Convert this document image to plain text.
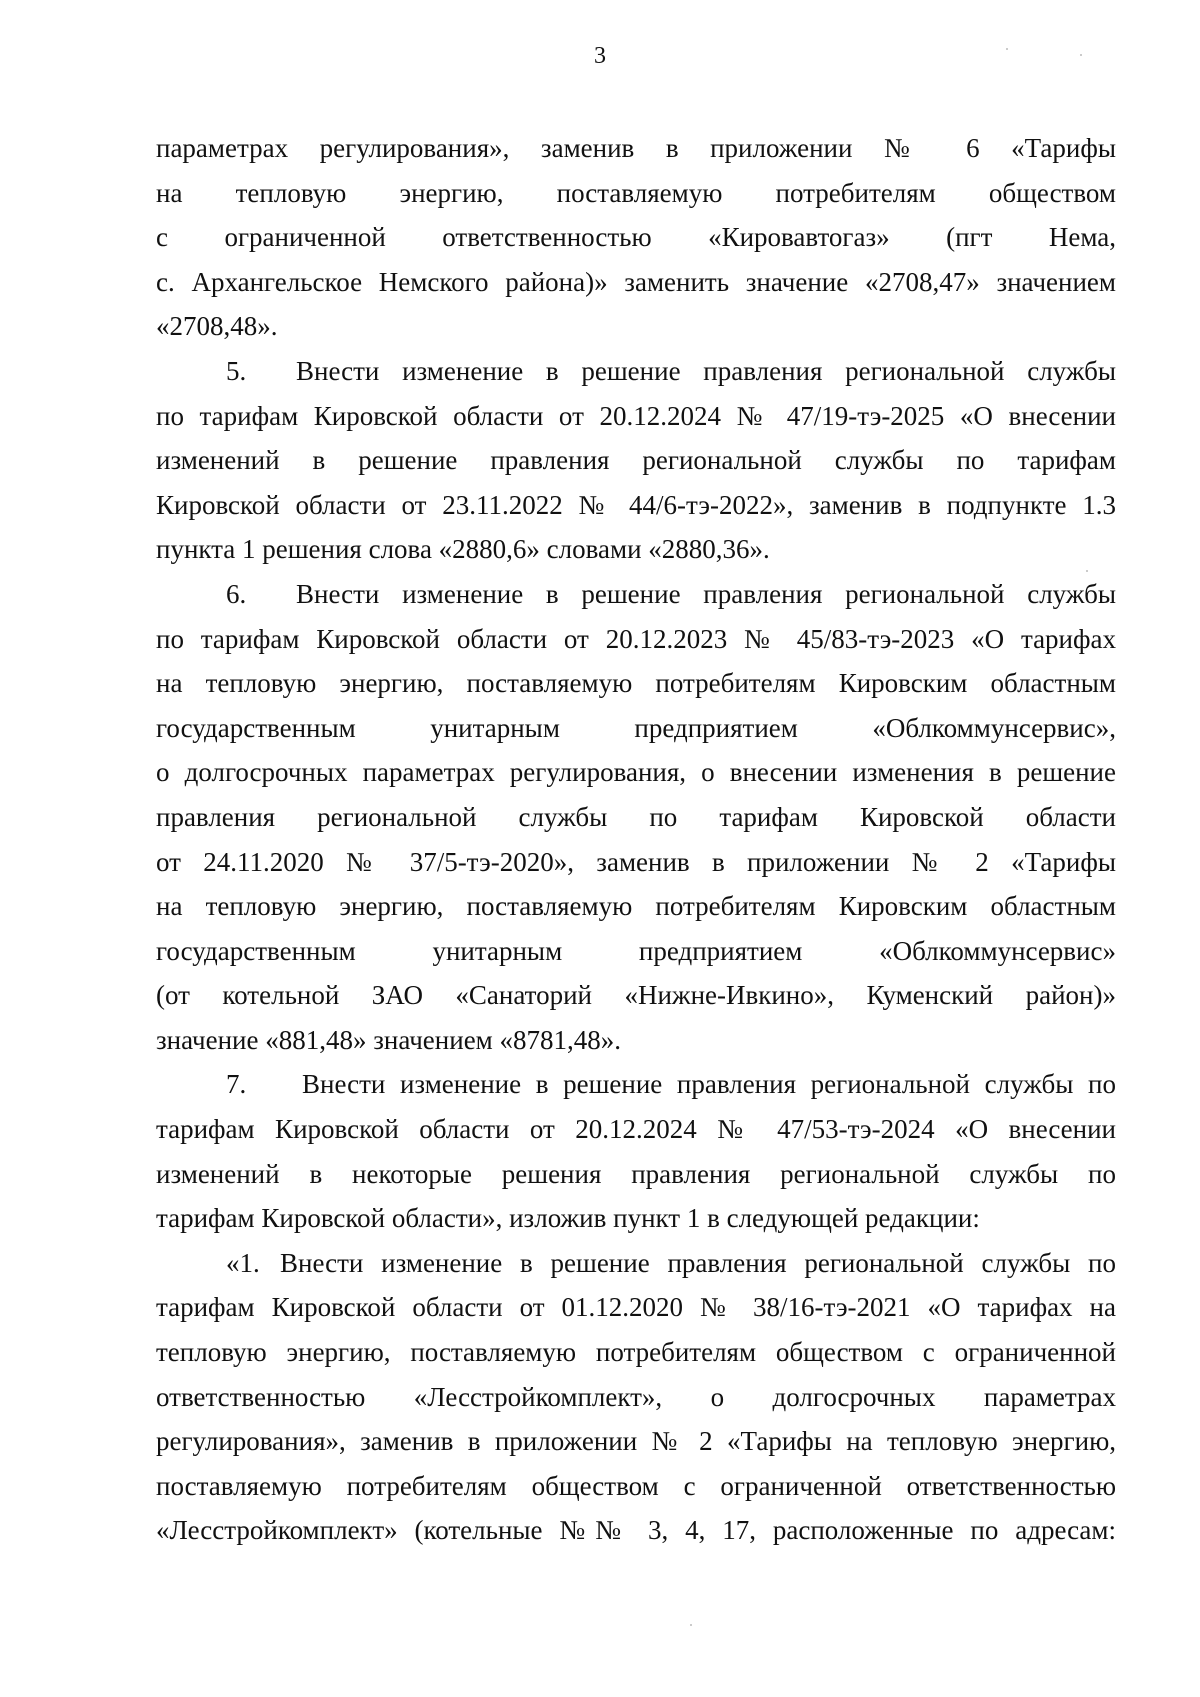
3
параметрах регулирования», заменив в приложении № 6 «Тарифы
на тепловую энергию, поставляемую потребителям обществом
с ограниченной ответственностью «Кировавтогаз» (пгт Нема,
с. Архангельское Немского района)» заменить значение «2708,47» значением
«2708,48».
5. Внести изменение в решение правления региональной службы
по тарифам Кировской области от 20.12.2024 № 47/19-тэ-2025 «О внесении
изменений в решение правления региональной службы по тарифам
Кировской области от 23.11.2022 № 44/6-тэ-2022», заменив в подпункте 1.3
пункта 1 решения слова «2880,6» словами «2880,36».
6. Внести изменение в решение правления региональной службы
по тарифам Кировской области от 20.12.2023 № 45/83-тэ-2023 «О тарифах
на тепловую энергию, поставляемую потребителям Кировским областным
государственным унитарным предприятием «Облкоммунсервис»,
о долгосрочных параметрах регулирования, о внесении изменения в решение
правления региональной службы по тарифам Кировской области
от 24.11.2020 № 37/5-тэ-2020», заменив в приложении № 2 «Тарифы
на тепловую энергию, поставляемую потребителям Кировским областным
государственным унитарным предприятием «Облкоммунсервис»
(от котельной ЗАО «Санаторий «Нижне-Ивкино», Куменский район)»
значение «881,48» значением «8781,48».
7. Внести изменение в решение правления региональной службы по
тарифам Кировской области от 20.12.2024 № 47/53-тэ-2024 «О внесении
изменений в некоторые решения правления региональной службы по
тарифам Кировской области», изложив пункт 1 в следующей редакции:
«1. Внести изменение в решение правления региональной службы по
тарифам Кировской области от 01.12.2020 № 38/16-тэ-2021 «О тарифах на
тепловую энергию, поставляемую потребителям обществом с ограниченной
ответственностью «Лесстройкомплект», о долгосрочных параметрах
регулирования», заменив в приложении № 2 «Тарифы на тепловую энергию,
поставляемую потребителям обществом с ограниченной ответственностью
«Лесстройкомплект» (котельные №№ 3, 4, 17, расположенные по адресам:
